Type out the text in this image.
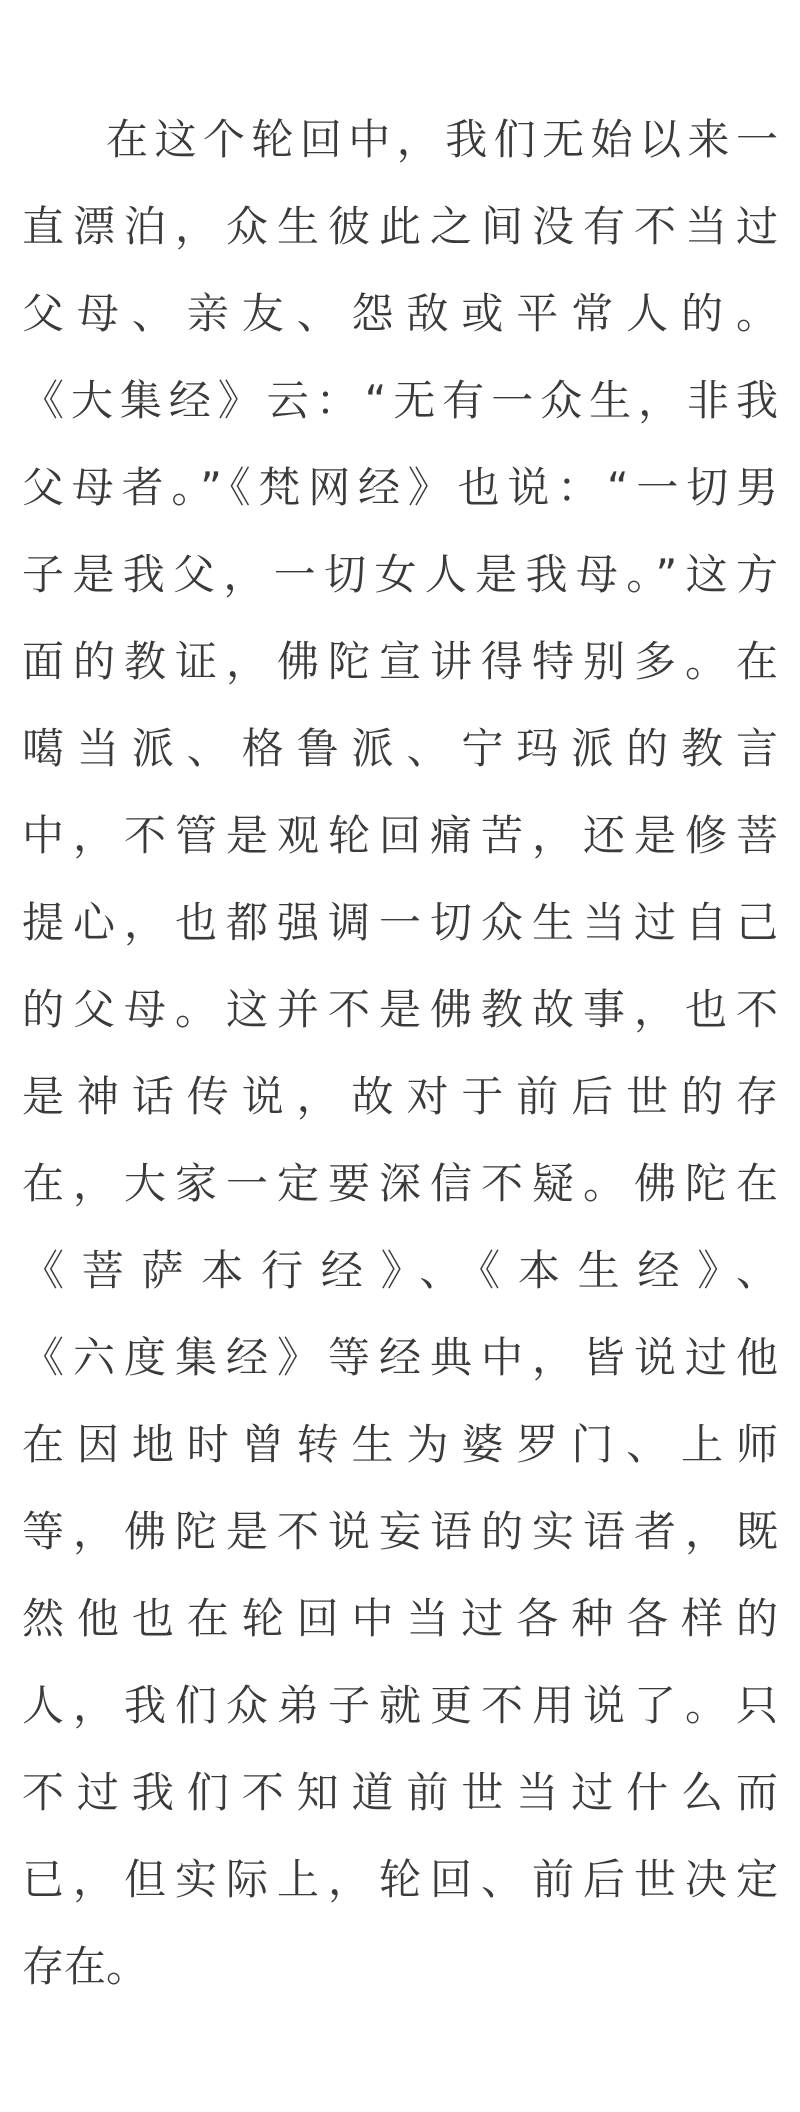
在这个轮回中，我们无始以来一
直漂泊，众生彼此之间没有不当过
父母、亲友、怨敌或平常人的。
《大集经》云：“无有一众生，非我
父母者。”《梵网经》也说：“一切男
子是我父，一切女人是我母。”这方
面的教证，佛陀宣讲得特别多。在
噶当派、格鲁派、宁玛派的教言
中，不管是观轮回痛苦，还是修菩
提心，也都强调一切众生当过自己
的父母。这并不是佛教故事，也不
是神话传说，故对于前后世的存
在，大家一定要深信不疑。佛陀在
《菩萨本行经》、《本生经》、
《六度集经》等经典中，皆说过他
在因地时曾转生为婆罗门、上师
等，佛陀是不说妄语的实语者，既
然他也在轮回中当过各种各样的
人，我们众弟子就更不用说了。只
不过我们不知道前世当过什么而
已，但实际上，轮回、前后世决定
存在。
